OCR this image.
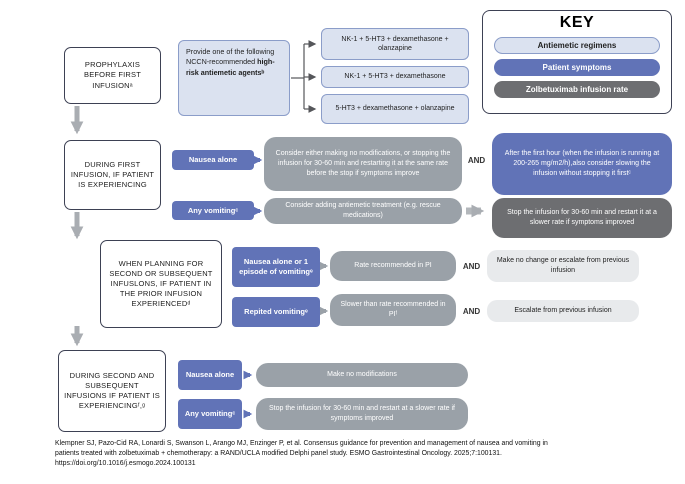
PROPHYLAXIS BEFORE FIRST INFUSIONᵃ
DURING FIRST INFUSION, IF PATIENT IS EXPERIENCING
WHEN PLANNING FOR SECOND OR SUBSEQUENT INFUSLONS, IF PATIENT IN THE PRIOR INFUSION EXPERIENCEDᵈ
DURING SECOND AND SUBSEQUENT INFUSIONS IF PATIENT IS EXPERIENCINGᶠ,ᵍ
Provide one of the following NCCN-recommended high-risk antiemetic agentsᵇ
NK-1 + 5-HT3 + dexamethasone + olanzapine
NK-1 + 5-HT3 + dexamethasone
5-HT3 + dexamethasone + olanzapine
KEY
Antiemetic regimens
Patient symptoms
Zolbetuximab infusion rate
Nausea alone
Consider either making no modifications, or stopping the infusion for 30-60 min and restarting it at the same rate before the stop if symptoms improve
AND
After the first hour (when the infusion is running at 200-265 mg/m2/h),also consider slowing the infusion without stopping it firstᶜ
Any vomitingᶜ	Consider adding antiemetic treatment (e.g. rescue medications)	Stop the infusion for 30-60 min and restart it at a slower rate if symptoms improved
Nausea alone or 1 episode of vomitingᵉ
Rate recommended in PI	AND
Make no change or escalate from previous infusion
Repited vomitingᵉ
Slower than rate recommended in PIᶠ	AND	Escalate from previous infusion
Nausea alone	Make no modifications
Any vomitingᶜ
Stop the infusion for 30-60 min and restart at a slower rate if symptoms improved
Klempner SJ, Pazo-Cid RA, Lonardi S, Swanson L, Arango MJ, Enzinger P, et al. Consensus guidance for prevention and management of nausea and vomiting in
patients treated with zolbetuximab + chemotherapy: a RAND/UCLA modified Delphi panel study. ESMO Gastrointestinal Oncology. 2025;7:100131.
https://doi.org/10.1016/j.esmogo.2024.100131
